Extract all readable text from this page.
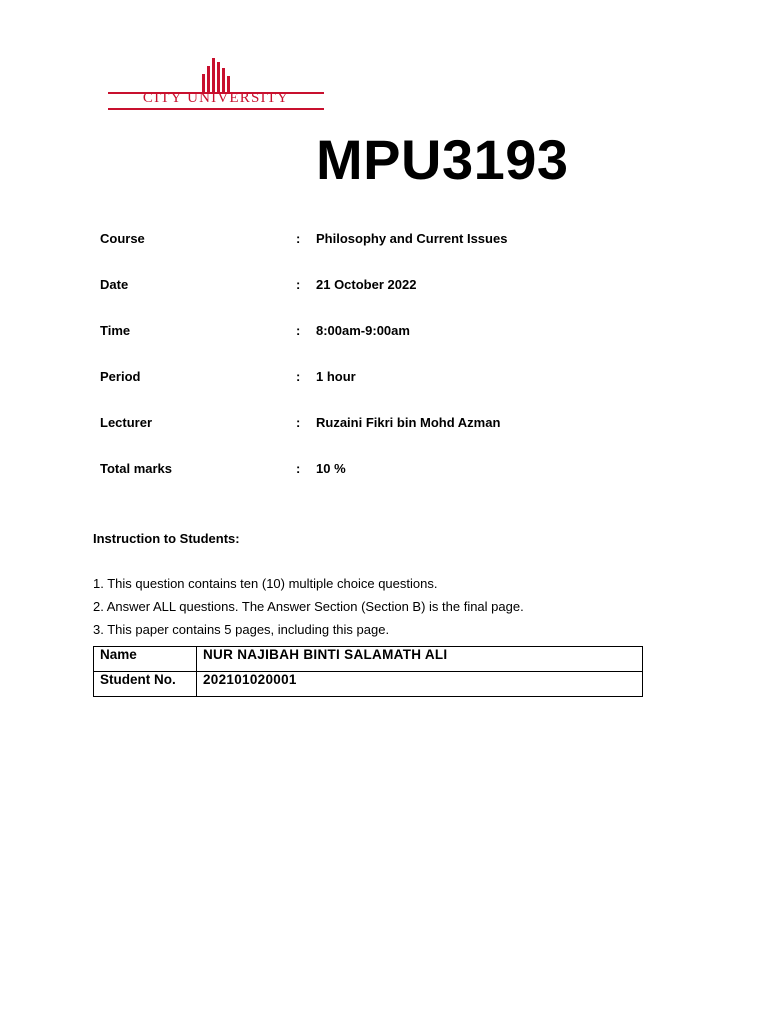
CITY UNIVERSITY
MPU3193
Course	: Philosophy and Current Issues
Date	: 21 October 2022
Time	: 8:00am-9:00am
Period	: 1 hour
Lecturer	: Ruzaini Fikri bin Mohd Azman
Total marks	: 10 %
Instruction to Students:
1. This question contains ten (10) multiple choice questions.
2. Answer ALL questions. The Answer Section (Section B) is the final page.
3. This paper contains 5 pages, including this page.
Name	NUR NAJIBAH BINTI SALAMATH ALI
Student No.	202101020001
